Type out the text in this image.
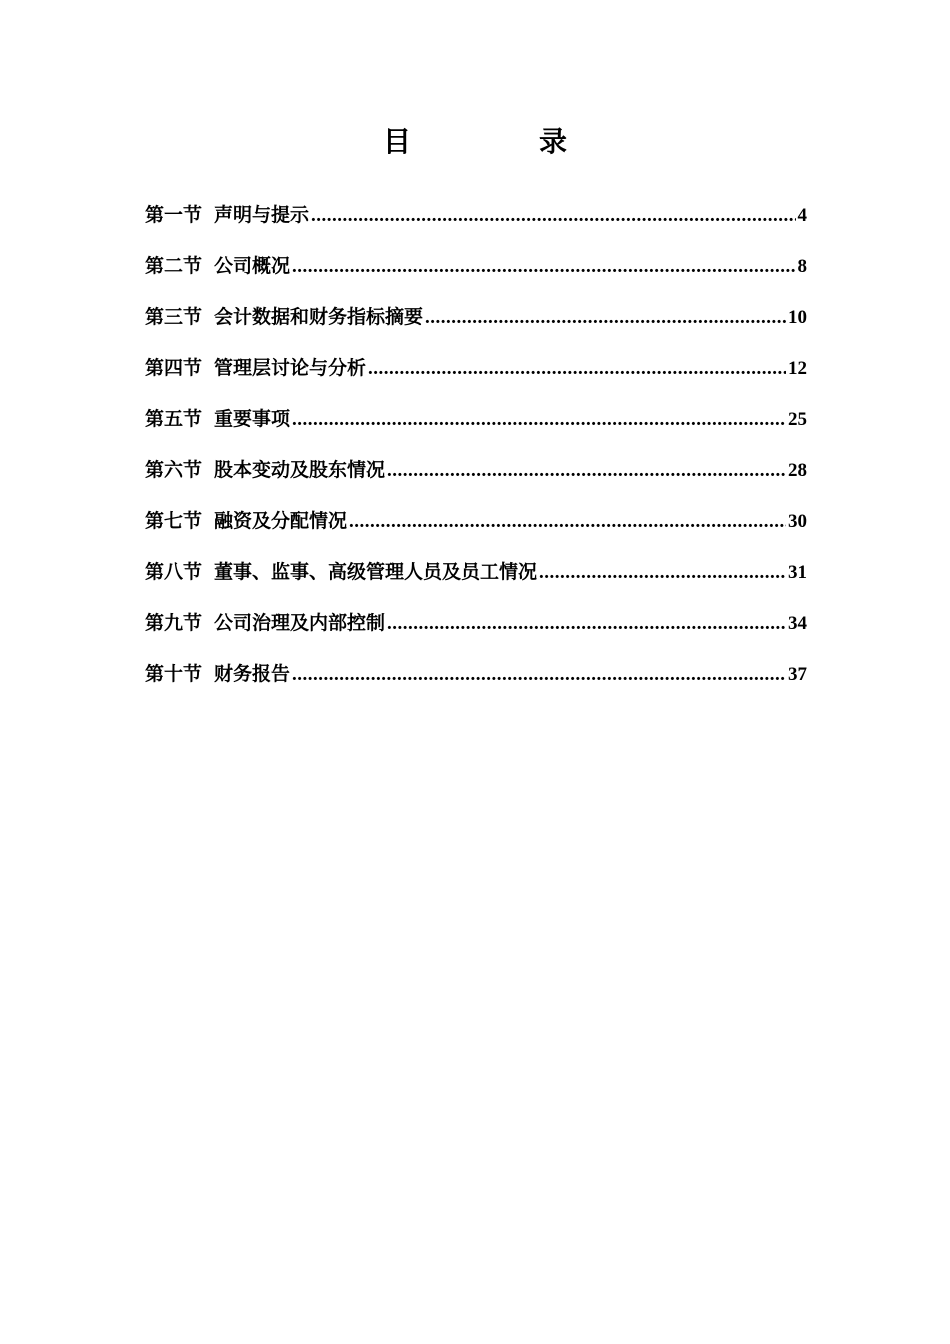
目　录
第一节 声明与提示 .....	4
第二节 公司概况 .....	8
第三节 会计数据和财务指标摘要 .....	10
第四节 管理层讨论与分析 .....	12
第五节 重要事项 .....	25
第六节 股本变动及股东情况 .....	28
第七节 融资及分配情况 .....	30
第八节 董事、监事、高级管理人员及员工情况 .....	31
第九节 公司治理及内部控制 .....	34
第十节 财务报告 .....	37
